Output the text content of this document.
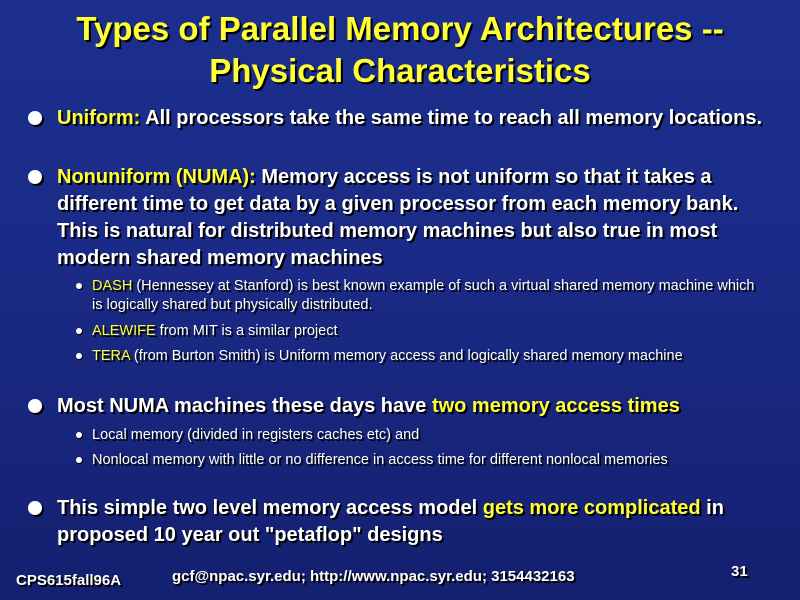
Types of Parallel Memory Architectures --
Physical Characteristics
Uniform: All processors take the same time to reach all memory locations.
Nonuniform (NUMA): Memory access is not uniform so that it takes a different time to get data by a given processor from each memory bank. This is natural for distributed memory machines but also true in most modern shared memory machines
DASH (Hennessey at Stanford) is best known example of such a virtual shared memory machine which is logically shared but physically distributed.
ALEWIFE from MIT is a similar project
TERA (from Burton Smith) is Uniform memory access and logically shared memory machine
Most NUMA machines these days have two memory access times
Local memory (divided in registers caches etc) and
Nonlocal memory with little or no difference in access time for different nonlocal memories
This simple two level memory access model gets more complicated in proposed 10 year out "petaflop" designs
CPS615fall96A	gcf@npac.syr.edu; http://www.npac.syr.edu; 3154432163	31
